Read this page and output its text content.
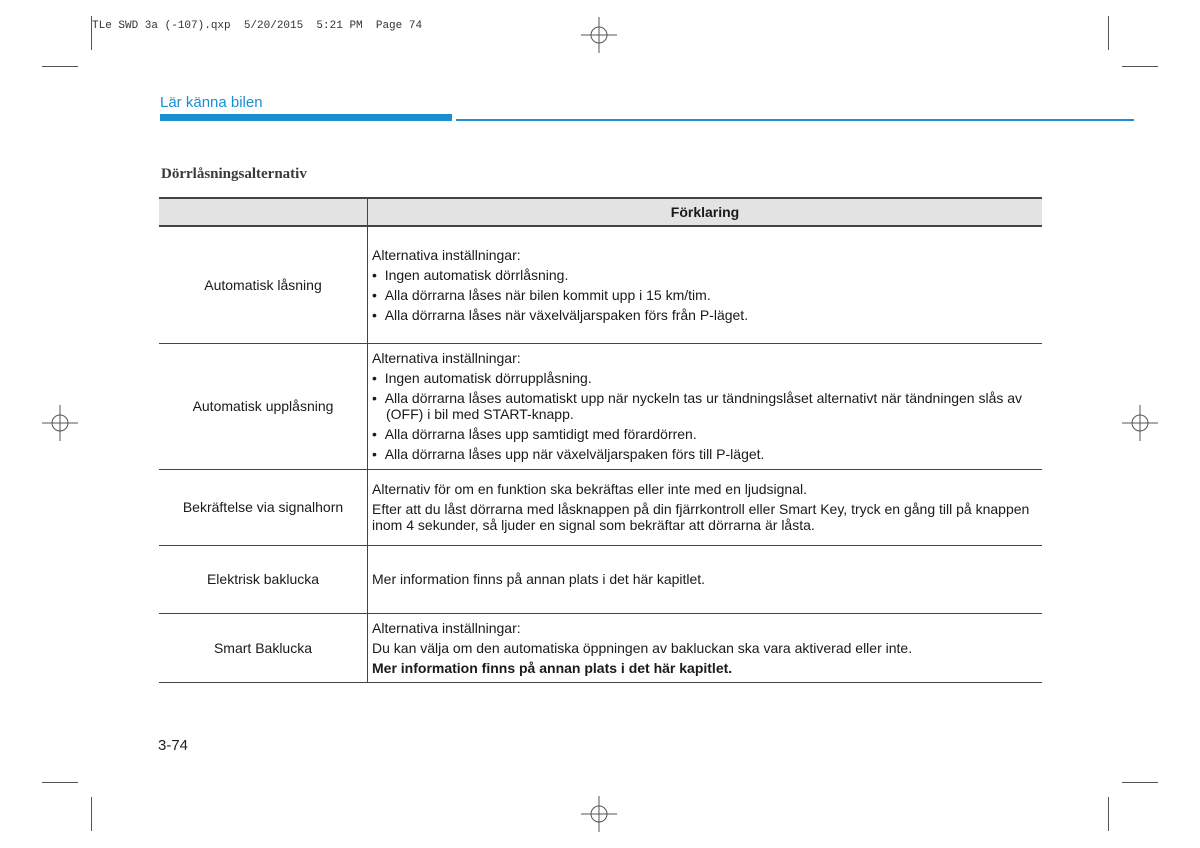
TLe SWD 3a (-107).qxp  5/20/2015  5:21 PM  Page 74
Lär känna bilen
Dörrlåsningsalternativ
	Förklaring
Automatisk låsning	Alternativa inställningar:
•  Ingen automatisk dörrlåsning.
•  Alla dörrarna låses när bilen kommit upp i 15 km/tim.
•  Alla dörrarna låses när växelväljarspaken förs från P-läget.

Automatisk upplåsning	Alternativa inställningar:
•  Ingen automatisk dörrupplåsning.
•  Alla dörrarna låses automatiskt upp när nyckeln tas ur tändningslåset alternativt när tändningen slås av (OFF) i bil med START-knapp.
•  Alla dörrarna låses upp samtidigt med förardörren.
•  Alla dörrarna låses upp när växelväljarspaken förs till P-läget.

Bekräftelse via signalhorn	Alternativ för om en funktion ska bekräftas eller inte med en ljudsignal.
Efter att du låst dörrarna med låsknappen på din fjärrkontroll eller Smart Key, tryck en gång till på knappen inom 4 sekunder, så ljuder en signal som bekräftar att dörrarna är låsta.

Elektrisk baklucka	Mer information finns på annan plats i det här kapitlet.

Smart Baklucka	Alternativa inställningar:
Du kan välja om den automatiska öppningen av bakluckan ska vara aktiverad eller inte.
Mer information finns på annan plats i det här kapitlet.
3-74
